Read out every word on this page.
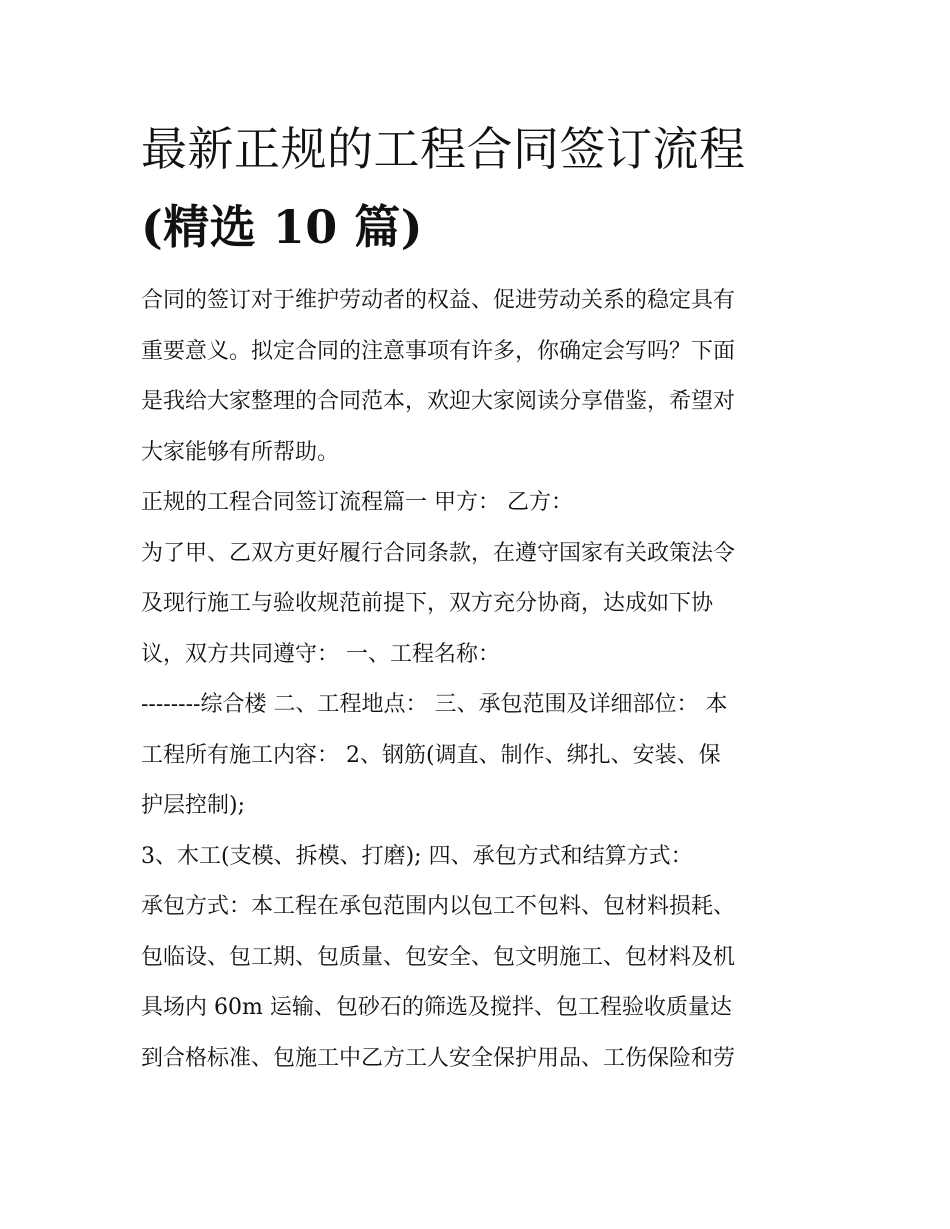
最新正规的工程合同签订流程
(精选 10 篇)

合同的签订对于维护劳动者的权益、促进劳动关系的稳定具有
重要意义。拟定合同的注意事项有许多，你确定会写吗？下面
是我给大家整理的合同范本，欢迎大家阅读分享借鉴，希望对
大家能够有所帮助。

正规的工程合同签订流程篇一 甲方： 乙方：

为了甲、乙双方更好履行合同条款，在遵守国家有关政策法令
及现行施工与验收规范前提下，双方充分协商，达成如下协
议，双方共同遵守： 一、工程名称：

--------综合楼 二、工程地点： 三、承包范围及详细部位： 本
工程所有施工内容： 2、钢筋(调直、制作、绑扎、安装、保
护层控制);

3、木工(支模、拆模、打磨); 四、承包方式和结算方式：

承包方式：本工程在承包范围内以包工不包料、包材料损耗、
包临设、包工期、包质量、包安全、包文明施工、包材料及机
具场内 60m 运输、包砂石的筛选及搅拌、包工程验收质量达
到合格标准、包施工中乙方工人安全保护用品、工伤保险和劳
